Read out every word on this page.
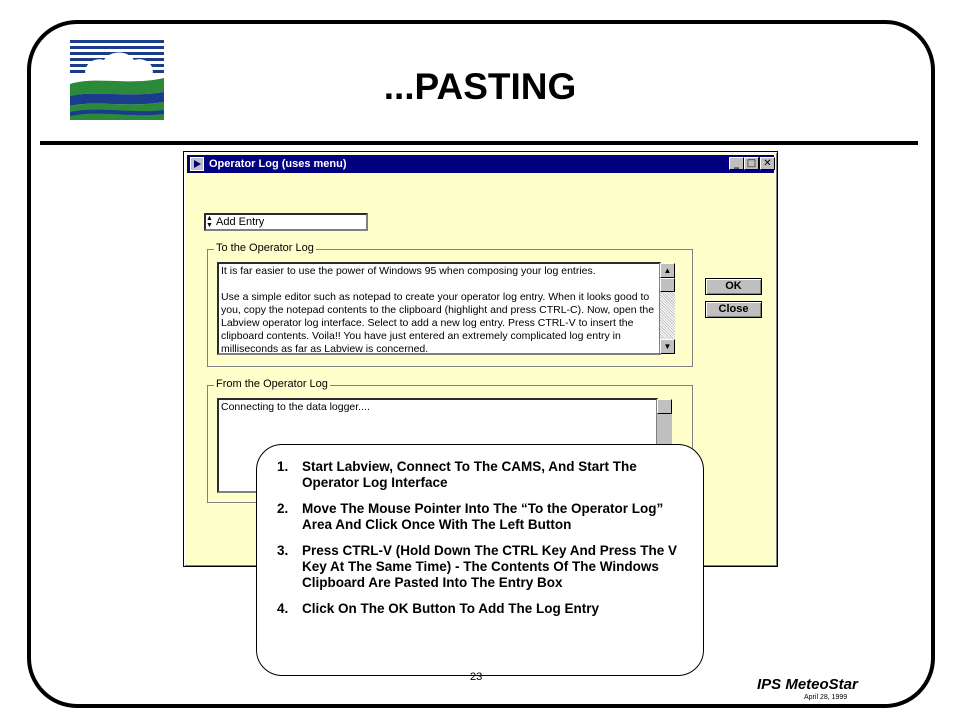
...PASTING
Operator Log (uses menu)	_ □ ✕
▲
▼ Add Entry
To the Operator Log
It is far easier to use the power of Windows 95 when composing your log entries.
Use a simple editor such as notepad to create your operator log entry. When it looks good to
you, copy the notepad contents to the clipboard (highlight and press CTRL-C). Now, open the
Labview operator log interface. Select to add a new log entry. Press CTRL-V to insert the
clipboard contents. Voila!! You have just entered an extremely complicated log entry in
milliseconds as far as Labview is concerned.
▲
▼
OK
Close
From the Operator Log
Connecting to the data logger....
1. Start Labview, Connect To The CAMS, And Start The Operator Log Interface
2. Move The Mouse Pointer Into The “To the Operator Log” Area And Click Once With The Left Button
3. Press CTRL-V (Hold Down The CTRL Key And Press The V Key At The Same Time) - The Contents Of The Windows Clipboard Are Pasted Into The Entry Box
4. Click On The OK Button To Add The Log Entry
23	IPS MeteoStar
April 28, 1999
